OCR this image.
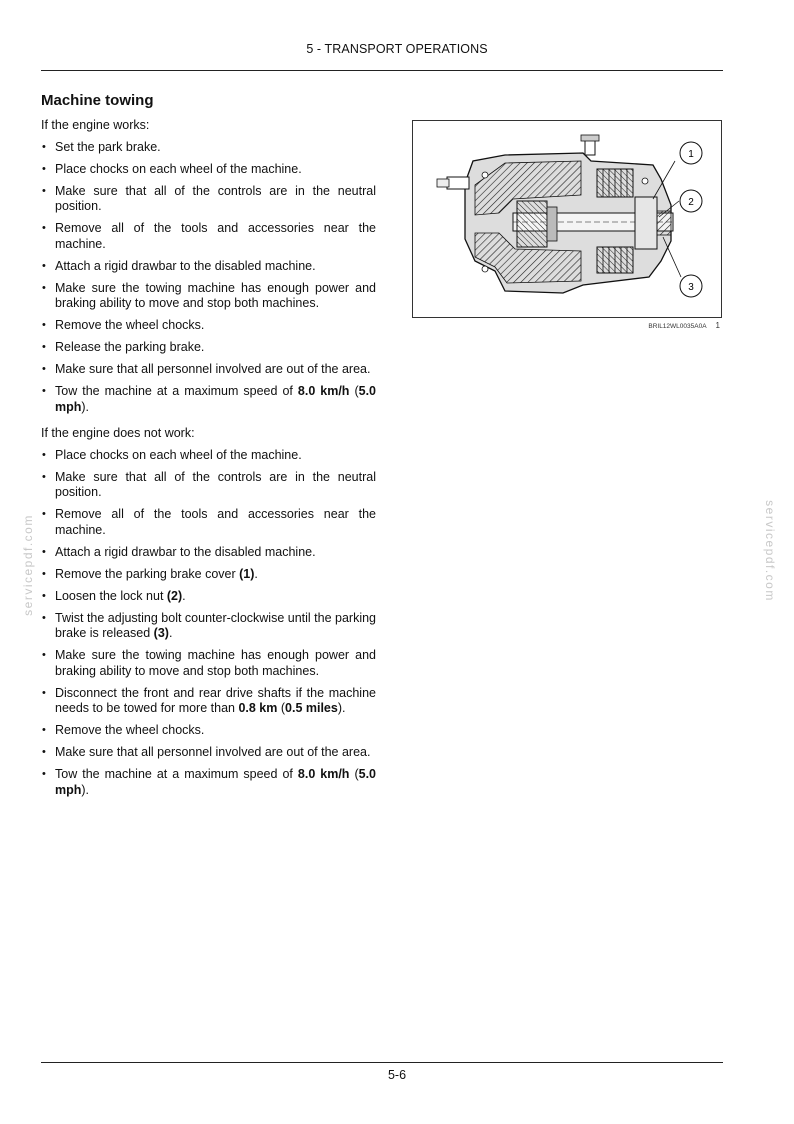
5 - TRANSPORT OPERATIONS
Machine towing

If the engine works:

• Set the park brake.
• Place chocks on each wheel of the machine.
• Make sure that all of the controls are in the neutral position.
• Remove all of the tools and accessories near the machine.
• Attach a rigid drawbar to the disabled machine.
• Make sure the towing machine has enough power and braking ability to move and stop both machines.
• Remove the wheel chocks.
• Release the parking brake.
• Make sure that all personnel involved are out of the area.
• Tow the machine at a maximum speed of 8.0 km/h (5.0 mph).

If the engine does not work:

• Place chocks on each wheel of the machine.
• Make sure that all of the controls are in the neutral position.
• Remove all of the tools and accessories near the machine.
• Attach a rigid drawbar to the disabled machine.
• Remove the parking brake cover (1).
• Loosen the lock nut (2).
• Twist the adjusting bolt counter-clockwise until the parking brake is released (3).
• Make sure the towing machine has enough power and braking ability to move and stop both machines.
• Disconnect the front and rear drive shafts if the machine needs to be towed for more than 0.8 km (0.5 miles).
• Remove the wheel chocks.
• Make sure that all personnel involved are out of the area.
• Tow the machine at a maximum speed of 8.0 km/h (5.0 mph).
1
2
3
BRIL12WL0035A0A 1
servicepdf.com	servicepdf.com
5-6
